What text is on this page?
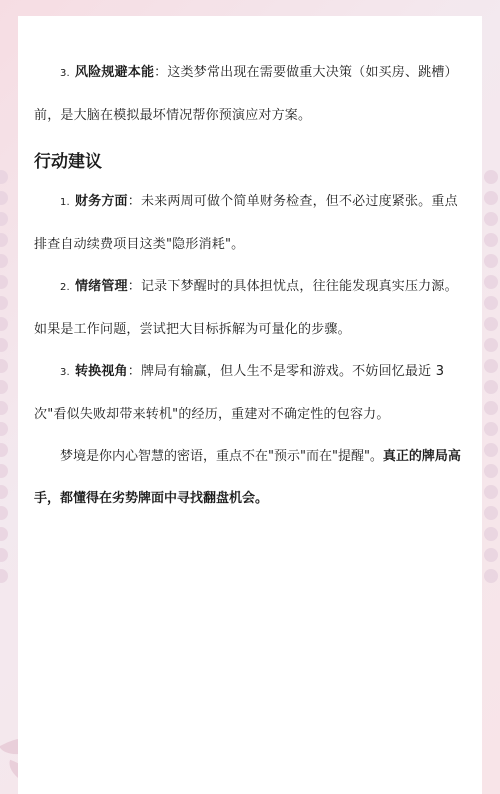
3. 风险规避本能：这类梦常出现在需要做重大决策（如买房、跳槽）前，是大脑在模拟最坏情况帮你预演应对方案。

行动建议

1. 财务方面：未来两周可做个简单财务检查，但不必过度紧张。重点排查自动续费项目这类"隐形消耗"。

2. 情绪管理：记录下梦醒时的具体担忧点，往往能发现真实压力源。如果是工作问题，尝试把大目标拆解为可量化的步骤。

3. 转换视角：牌局有输赢，但人生不是零和游戏。不妨回忆最近 3 次"看似失败却带来转机"的经历，重建对不确定性的包容力。

梦境是你内心智慧的密语，重点不在"预示"而在"提醒"。真正的牌局高手，都懂得在劣势牌面中寻找翻盘机会。
